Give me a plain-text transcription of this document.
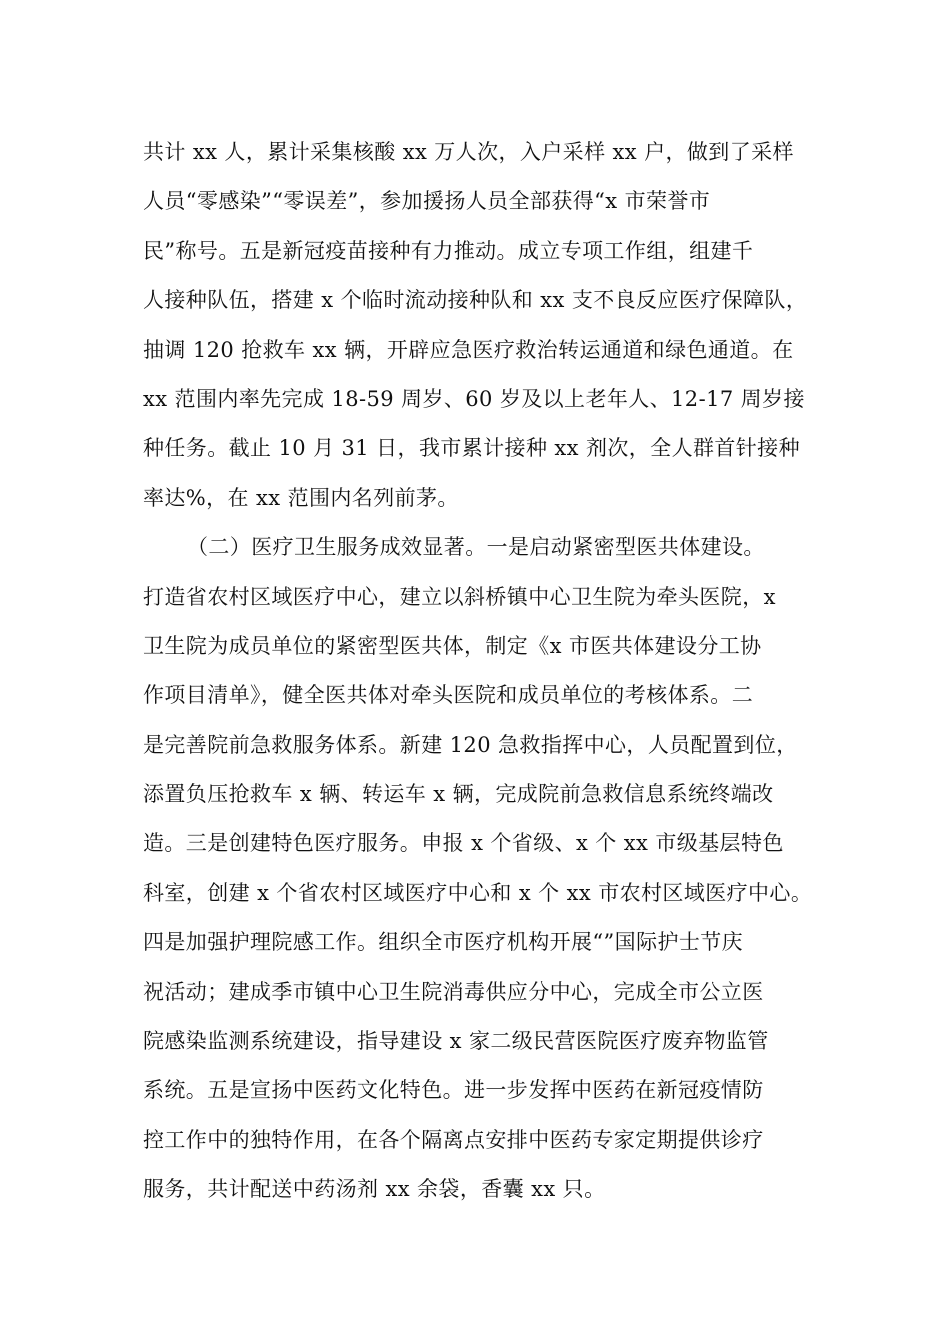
共计 xx 人，累计采集核酸 xx 万人次，入户采样 xx 户，做到了采样
人员“零感染”“零误差”，参加援扬人员全部获得“x 市荣誉市
民”称号。五是新冠疫苗接种有力推动。成立专项工作组，组建千
人接种队伍，搭建 x 个临时流动接种队和 xx 支不良反应医疗保障队，
抽调 120 抢救车 xx 辆，开辟应急医疗救治转运通道和绿色通道。在
xx 范围内率先完成 18-59 周岁、60 岁及以上老年人、12-17 周岁接
种任务。截止 10 月 31 日，我市累计接种 xx 剂次，全人群首针接种
率达%，在 xx 范围内名列前茅。
（二）医疗卫生服务成效显著。一是启动紧密型医共体建设。
打造省农村区域医疗中心，建立以斜桥镇中心卫生院为牵头医院，x
卫生院为成员单位的紧密型医共体，制定《x 市医共体建设分工协
作项目清单》，健全医共体对牵头医院和成员单位的考核体系。二
是完善院前急救服务体系。新建 120 急救指挥中心，人员配置到位，
添置负压抢救车 x 辆、转运车 x 辆，完成院前急救信息系统终端改
造。三是创建特色医疗服务。申报 x 个省级、x 个 xx 市级基层特色
科室，创建 x 个省农村区域医疗中心和 x 个 xx 市农村区域医疗中心。
四是加强护理院感工作。组织全市医疗机构开展“”国际护士节庆
祝活动；建成季市镇中心卫生院消毒供应分中心，完成全市公立医
院感染监测系统建设，指导建设 x 家二级民营医院医疗废弃物监管
系统。五是宣扬中医药文化特色。进一步发挥中医药在新冠疫情防
控工作中的独特作用，在各个隔离点安排中医药专家定期提供诊疗
服务，共计配送中药汤剂 xx 余袋，香囊 xx 只。
